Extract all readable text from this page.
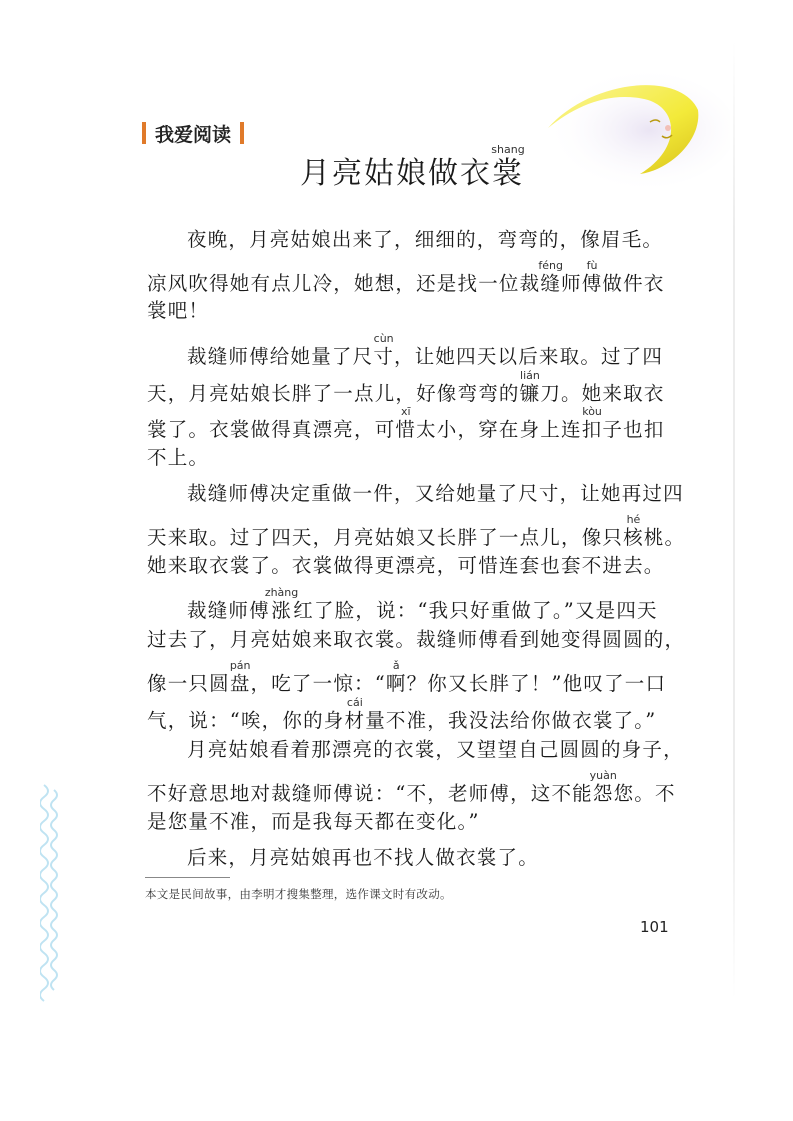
我爱阅读
月亮姑娘做衣裳shang
夜晚，月亮姑娘出来了，细细的，弯弯的，像眉毛。
凉风吹得她有点儿冷，她想，还是找一位裁缝féng师傅fù做件衣
裳吧！
裁缝师傅给她量了尺寸cùn，让她四天以后来取。过了四
天，月亮姑娘长胖了一点儿，好像弯弯的镰lián刀。她来取衣
裳了。衣裳做得真漂亮，可惜xī太小，穿在身上连扣kòu子也扣
不上。
裁缝师傅决定重做一件，又给她量了尺寸，让她再过四
天来取。过了四天，月亮姑娘又长胖了一点儿，像只核hé桃。
她来取衣裳了。衣裳做得更漂亮，可惜连套也套不进去。
裁缝师傅涨zhàng红了脸，说：“我只好重做了。”又是四天
过去了，月亮姑娘来取衣裳。裁缝师傅看到她变得圆圆的，
像一只圆盘pán，吃了一惊：“啊ǎ？你又长胖了！”他叹了一口
气，说：“唉，你的身材cái量不准，我没法给你做衣裳了。”
月亮姑娘看着那漂亮的衣裳，又望望自己圆圆的身子，
不好意思地对裁缝师傅说：“不，老师傅，这不能怨yuàn您。不
是您量不准，而是我每天都在变化。”
后来，月亮姑娘再也不找人做衣裳了。
本文是民间故事，由李明才搜集整理，选作课文时有改动。
101
